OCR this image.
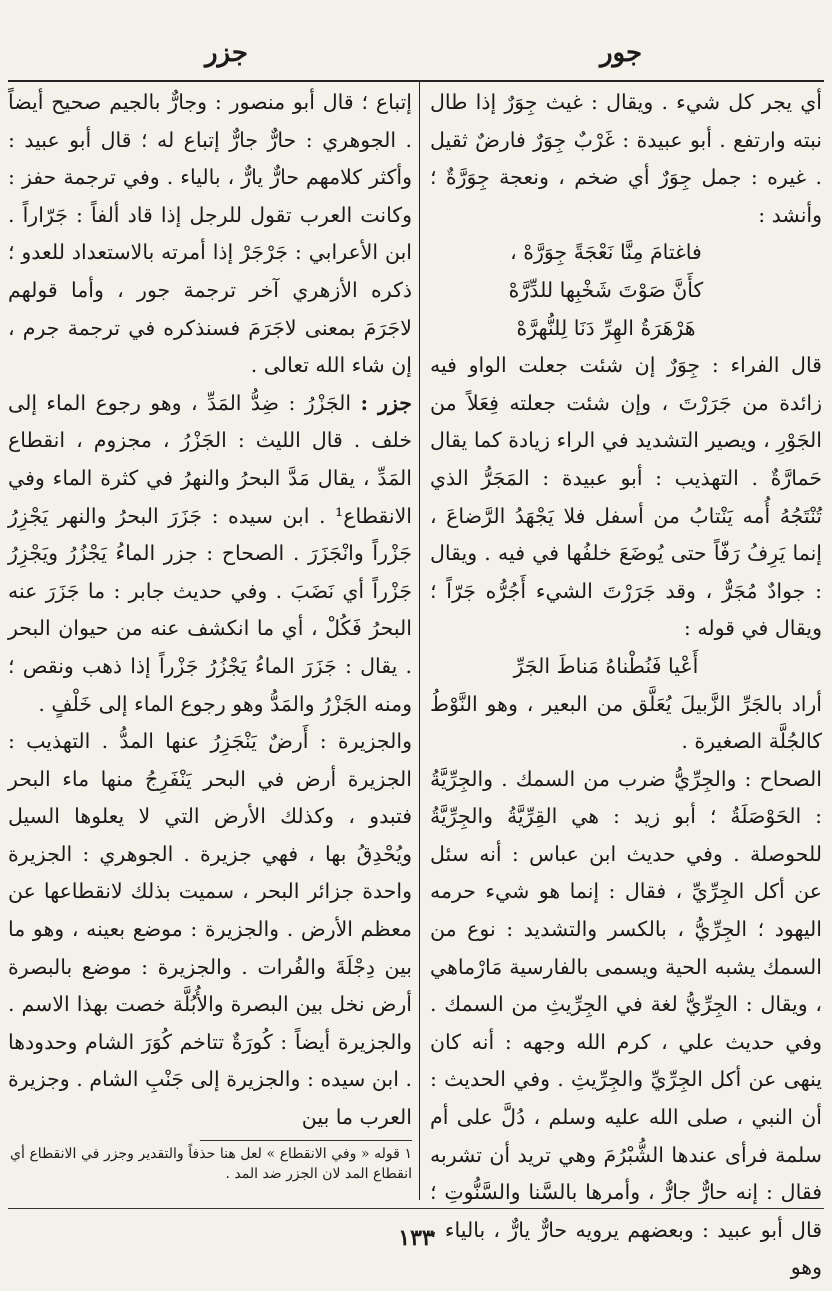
جور
جزر

أي يجر كل شيء . ويقال : غيث جِوَرٌ إذا طال نبته وارتفع . أبو عبيدة : غَرْبٌ جِوَرٌ فارضٌ ثقيل . غيره : جمل جِوَرٌ أي ضخم ، ونعجة جِوَرَّةٌ ؛ وأنشد :

فاغتامَ مِنَّا نَعْجَةً جِوَرَّهْ ،
كأَنَّ صَوْتَ شَخْبِها للدِّرَّهْ
هَرْهَرَةُ الهِرِّ دَنَا لِلنُّهرَّهْ

قال الفراء : جِوَرٌ إن شئت جعلت الواو فيه زائدة من جَرَرْتَ ، وإن شئت جعلته فِعَلاً من الجَوْرِ ، ويصير التشديد في الراء زيادة كما يقال حَمارَّةٌ . التهذيب : أبو عبيدة : المَجَرُّ الذي تُنْتَجُهُ أُمه يَنْتابُ من أسفل فلا يَجْهَدُ الرَّضاعَ ، إنما يَرِفُ رَفّاً حتى يُوضَعَ خلفُها في فيه . ويقال : جوادٌ مُجَرٌّ ، وقد جَرَرْتَ الشيء أَجُرُّه جَرّاً ؛ ويقال في قوله :

أَعْيا فَنُطْناهُ مَناطَ الجَرِّ

أراد بالجَرِّ الزَّبيلَ يُعَلَّق من البعير ، وهو النَّوْطُ كالجُلَّة الصغيرة .

الصحاح : والجِرِّيُّ ضرب من السمك . والجِرِّيَّةُ : الحَوْصَلَةُ ؛ أبو زيد : هي القِرِّيَّةُ والجِرِّيَّةُ للحوصلة . وفي حديث ابن عباس : أنه سئل عن أكل الجِرِّيِّ ، فقال : إنما هو شيء حرمه اليهود ؛ الجِرِّيُّ ، بالكسر والتشديد : نوع من السمك يشبه الحية ويسمى بالفارسية مَارْماهي ، ويقال : الجِرِّيُّ لغة في الجِرِّيثِ من السمك . وفي حديث علي ، كرم الله وجهه : أنه كان ينهى عن أكل الجِرِّيِّ والجِرِّيثِ . وفي الحديث : أن النبي ، صلى الله عليه وسلم ، دُلَّ على أم سلمة فرأى عندها الشُّبْرُمَ وهي تريد أن تشربه فقال : إنه حارٌّ جارٌّ ، وأمرها بالسَّنا والسَّنُّوتِ ؛ قال أبو عبيد : وبعضهم يرويه حارٌّ يارٌّ ، بالياء ، وهو

إتباع ؛ قال أبو منصور : وجارٌّ بالجيم صحيح أيضاً . الجوهري : حارٌّ جارٌّ إتباع له ؛ قال أبو عبيد : وأكثر كلامهم حارٌّ يارٌّ ، بالياء . وفي ترجمة حفز : وكانت العرب تقول للرجل إذا قاد ألفاً : جَرّاراً . ابن الأعرابي : جَرْجَرْ إذا أمرته بالاستعداد للعدو ؛ ذكره الأزهري آخر ترجمة جور ، وأما قولهم لاجَرَمَ بمعنى لاجَرَمَ فسنذكره في ترجمة جرم ، إن شاء الله تعالى .

جزر : الجَزْرُ : ضِدُّ المَدِّ ، وهو رجوع الماء إلى خلف . قال الليث : الجَزْرُ ، مجزوم ، انقطاع المَدِّ ، يقال مَدَّ البحرُ والنهرُ في كثرة الماء وفي الانقطاع¹ . ابن سيده : جَزَرَ البحرُ والنهر يَجْزِرُ جَزْراً وانْجَزَرَ . الصحاح : جزر الماءُ يَجْزُرُ ويَجْزِرُ جَزْراً أي نَضَبَ . وفي حديث جابر : ما جَزَرَ عنه البحرُ فَكُلْ ، أي ما انكشف عنه من حيوان البحر . يقال : جَزَرَ الماءُ يَجْزُرُ جَزْراً إذا ذهب ونقص ؛ ومنه الجَزْرُ والمَدُّ وهو رجوع الماء إلى خَلْفٍ .

والجزيرة : أَرضٌ يَنْجَزِرُ عنها المدُّ . التهذيب : الجزيرة أرض في البحر يَنْفَرِجُ منها ماء البحر فتبدو ، وكذلك الأرض التي لا يعلوها السيل ويُحْدِقُ بها ، فهي جزيرة . الجوهري : الجزيرة واحدة جزائر البحر ، سميت بذلك لانقطاعها عن معظم الأرض . والجزيرة : موضع بعينه ، وهو ما بين دِجْلَةَ والفُرات . والجزيرة : موضع بالبصرة أرض نخل بين البصرة والأُبُلَّة خصت بهذا الاسم . والجزيرة أيضاً : كُورَةٌ تتاخم كُوَرَ الشام وحدودها . ابن سيده : والجزيرة إلى جَنْبِ الشام . وجزيرة العرب ما بين

١ قوله « وفي الانقطاع » لعل هنا حذفاً والتقدير وجزر في الانقطاع أي انقطاع المد لان الجزر ضد المد .
١٣٣
